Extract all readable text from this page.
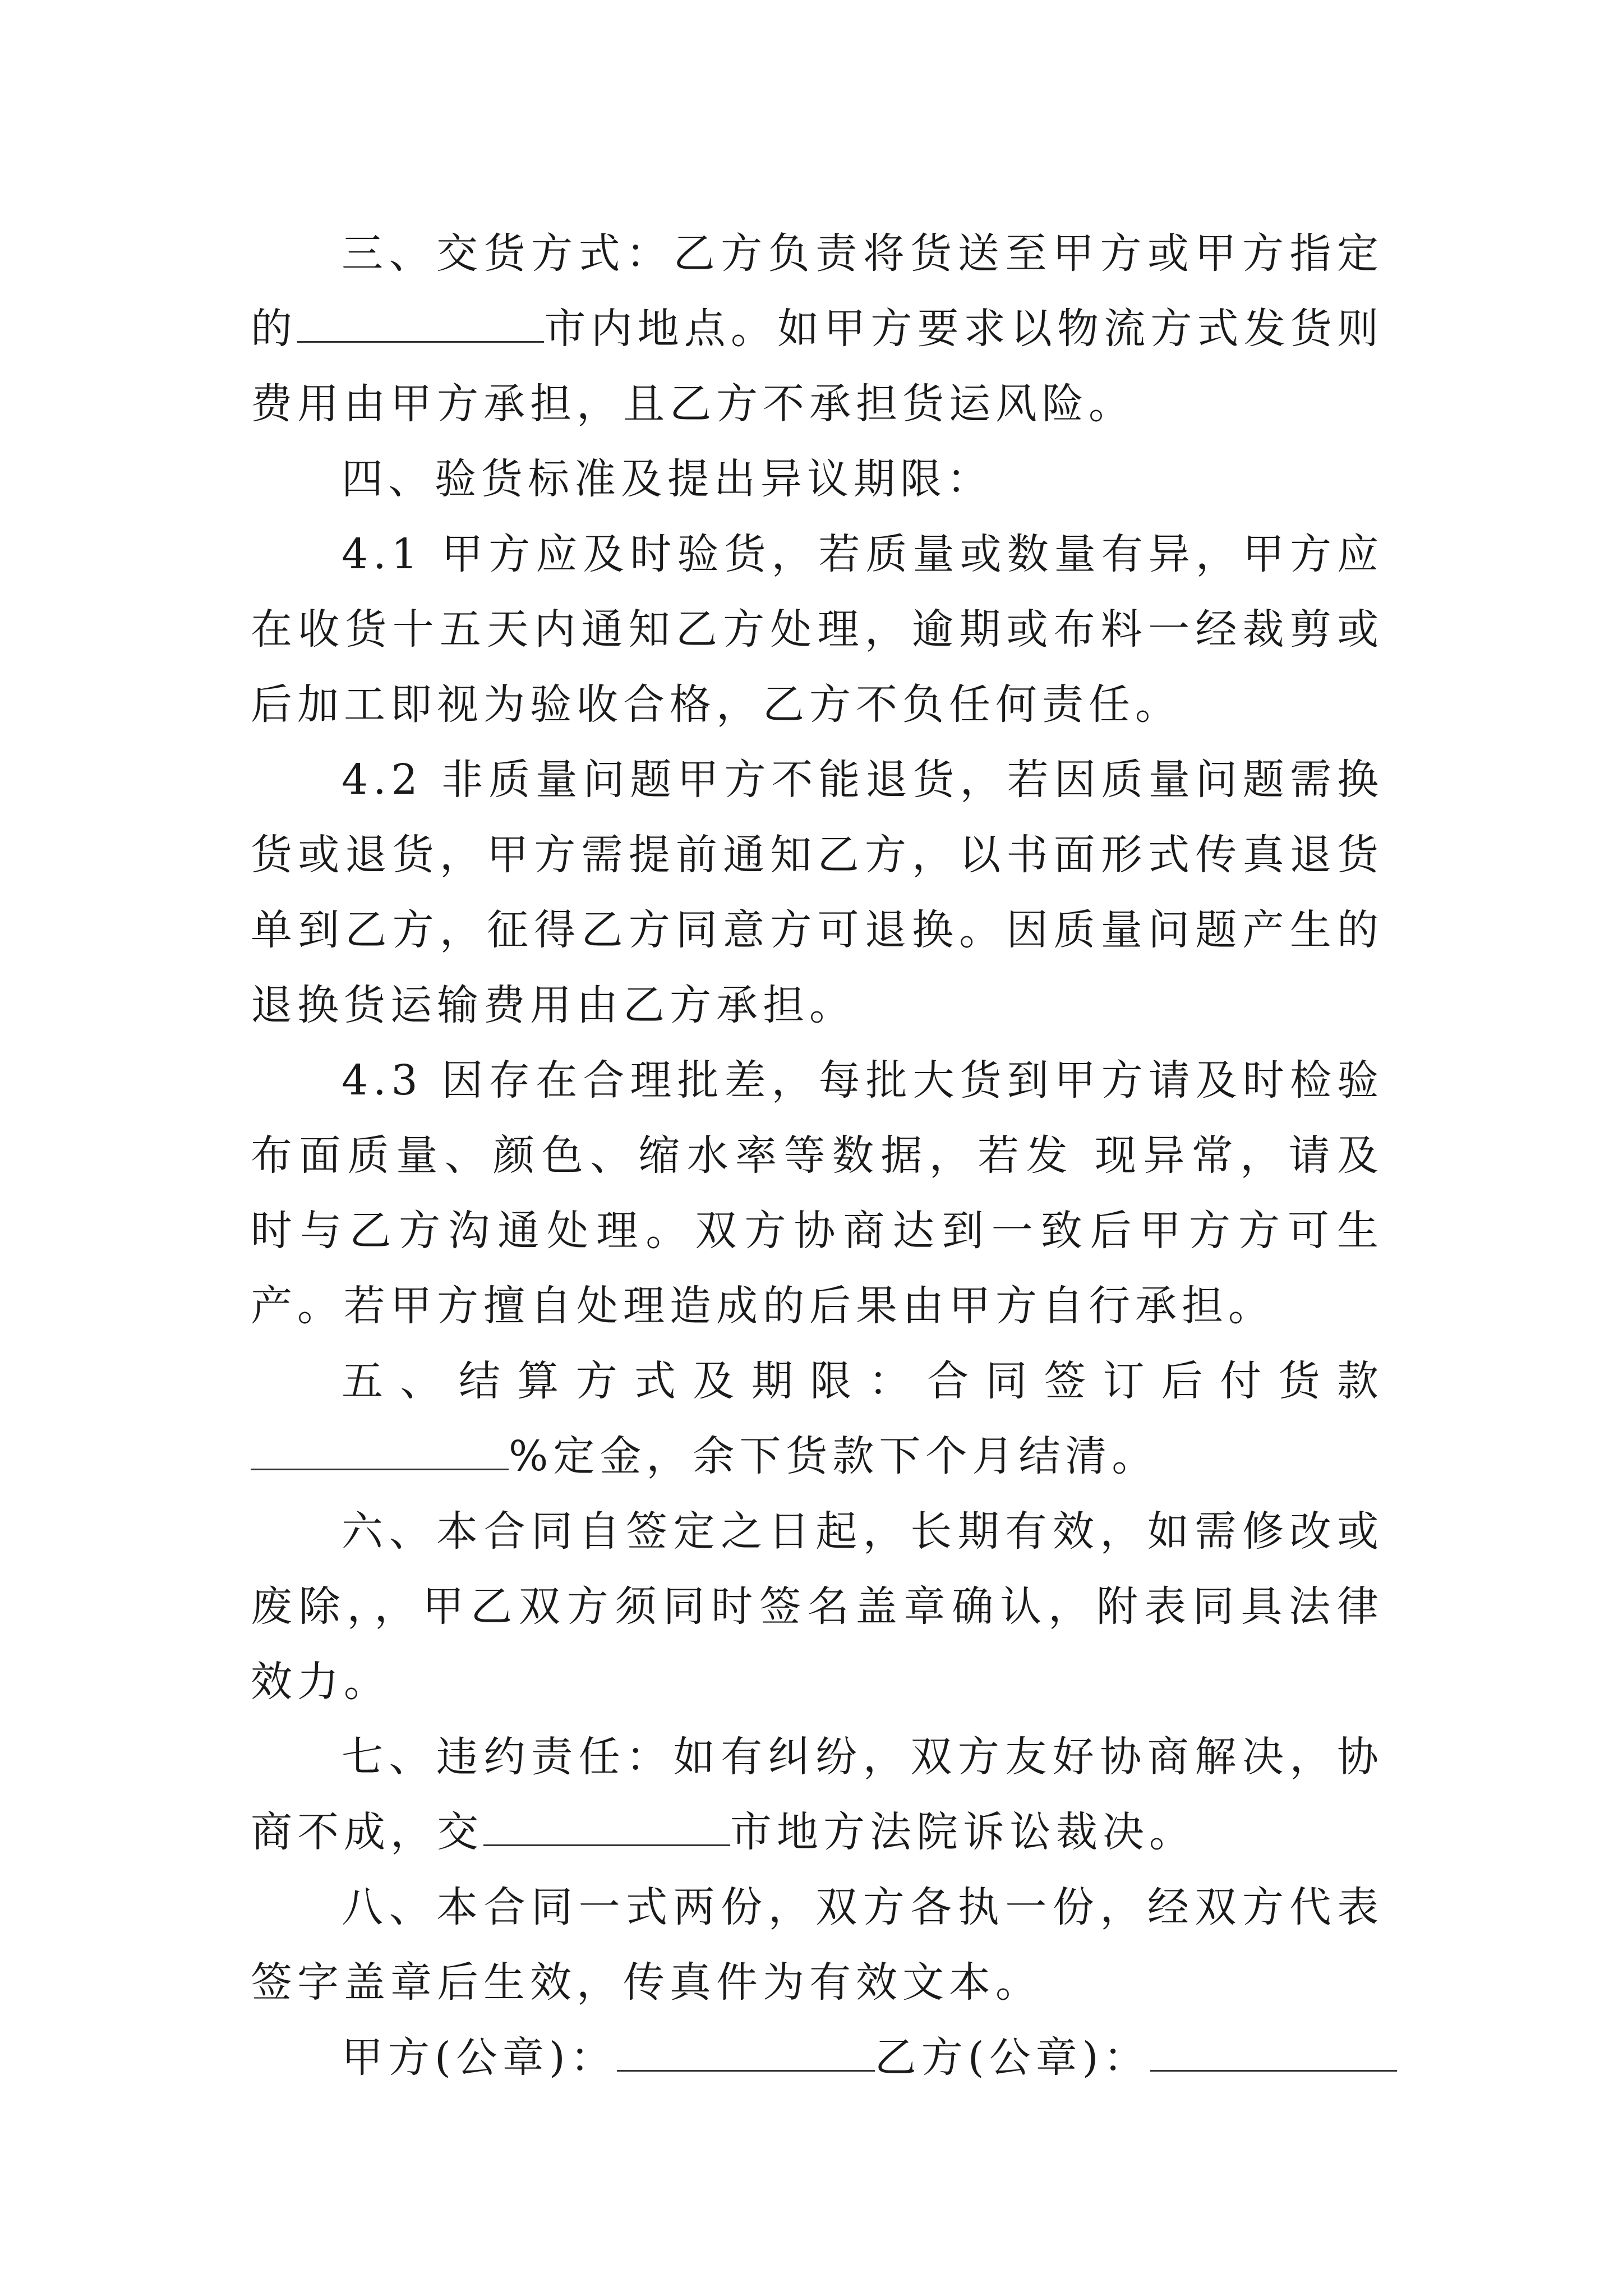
三、交货方式：乙方负责将货送至甲方或甲方指定的	市内地点。如甲方要求以物流方式发货则费用由甲方承担，且乙方不承担货运风险。

四、验货标准及提出异议期限：

4.1 甲方应及时验货，若质量或数量有异，甲方应在收货十五天内通知乙方处理，逾期或布料一经裁剪或后加工即视为验收合格，乙方不负任何责任。

4.2 非质量问题甲方不能退货，若因质量问题需换货或退货，甲方需提前通知乙方，以书面形式传真退货单到乙方，征得乙方同意方可退换。因质量问题产生的退换货运输费用由乙方承担。

4.3 因存在合理批差，每批大货到甲方请及时检验布面质量、颜色、缩水率等数据，若发 现异常，请及时与乙方沟通处理。双方协商达到一致后甲方方可生产。若甲方擅自处理造成的后果由甲方自行承担。

五、结算方式及期限：合同签订后付货款%定金，余下货款下个月结清。

六、本合同自签定之日起，长期有效，如需修改或废除，，甲乙双方须同时签名盖章确认，附表同具法律效力。

七、违约责任：如有纠纷，双方友好协商解决，协商不成，交	市地方法院诉讼裁决。

八、本合同一式两份，双方各执一份，经双方代表签字盖章后生效，传真件为有效文本。

甲方(公章)：	乙方(公章)：
